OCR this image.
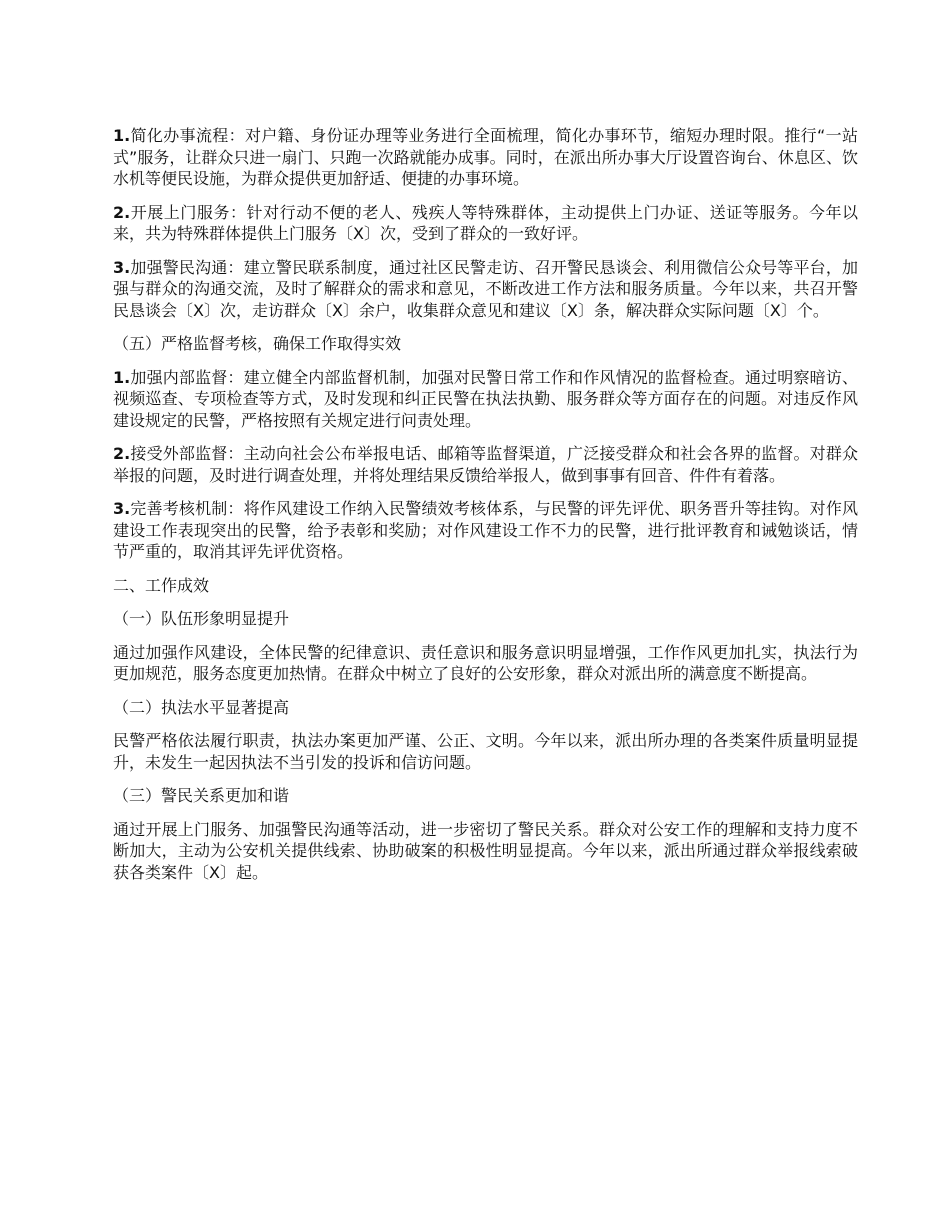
1.简化办事流程：对户籍、身份证办理等业务进行全面梳理，简化办事环节，缩短办理时限。推行“一站式”服务，让群众只进一扇门、只跑一次路就能办成事。同时，在派出所办事大厅设置咨询台、休息区、饮水机等便民设施，为群众提供更加舒适、便捷的办事环境。

2.开展上门服务：针对行动不便的老人、残疾人等特殊群体，主动提供上门办证、送证等服务。今年以来，共为特殊群体提供上门服务〔X〕次，受到了群众的一致好评。

3.加强警民沟通：建立警民联系制度，通过社区民警走访、召开警民恳谈会、利用微信公众号等平台，加强与群众的沟通交流，及时了解群众的需求和意见，不断改进工作方法和服务质量。今年以来，共召开警民恳谈会〔X〕次，走访群众〔X〕余户，收集群众意见和建议〔X〕条，解决群众实际问题〔X〕个。

（五）严格监督考核，确保工作取得实效

1.加强内部监督：建立健全内部监督机制，加强对民警日常工作和作风情况的监督检查。通过明察暗访、视频巡查、专项检查等方式，及时发现和纠正民警在执法执勤、服务群众等方面存在的问题。对违反作风建设规定的民警，严格按照有关规定进行问责处理。

2.接受外部监督：主动向社会公布举报电话、邮箱等监督渠道，广泛接受群众和社会各界的监督。对群众举报的问题，及时进行调查处理，并将处理结果反馈给举报人，做到事事有回音、件件有着落。

3.完善考核机制：将作风建设工作纳入民警绩效考核体系，与民警的评先评优、职务晋升等挂钩。对作风建设工作表现突出的民警，给予表彰和奖励；对作风建设工作不力的民警，进行批评教育和诫勉谈话，情节严重的，取消其评先评优资格。

二、工作成效

（一）队伍形象明显提升

通过加强作风建设，全体民警的纪律意识、责任意识和服务意识明显增强，工作作风更加扎实，执法行为更加规范，服务态度更加热情。在群众中树立了良好的公安形象，群众对派出所的满意度不断提高。

（二）执法水平显著提高

民警严格依法履行职责，执法办案更加严谨、公正、文明。今年以来，派出所办理的各类案件质量明显提升，未发生一起因执法不当引发的投诉和信访问题。

（三）警民关系更加和谐

通过开展上门服务、加强警民沟通等活动，进一步密切了警民关系。群众对公安工作的理解和支持力度不断加大，主动为公安机关提供线索、协助破案的积极性明显提高。今年以来，派出所通过群众举报线索破获各类案件〔X〕起。
